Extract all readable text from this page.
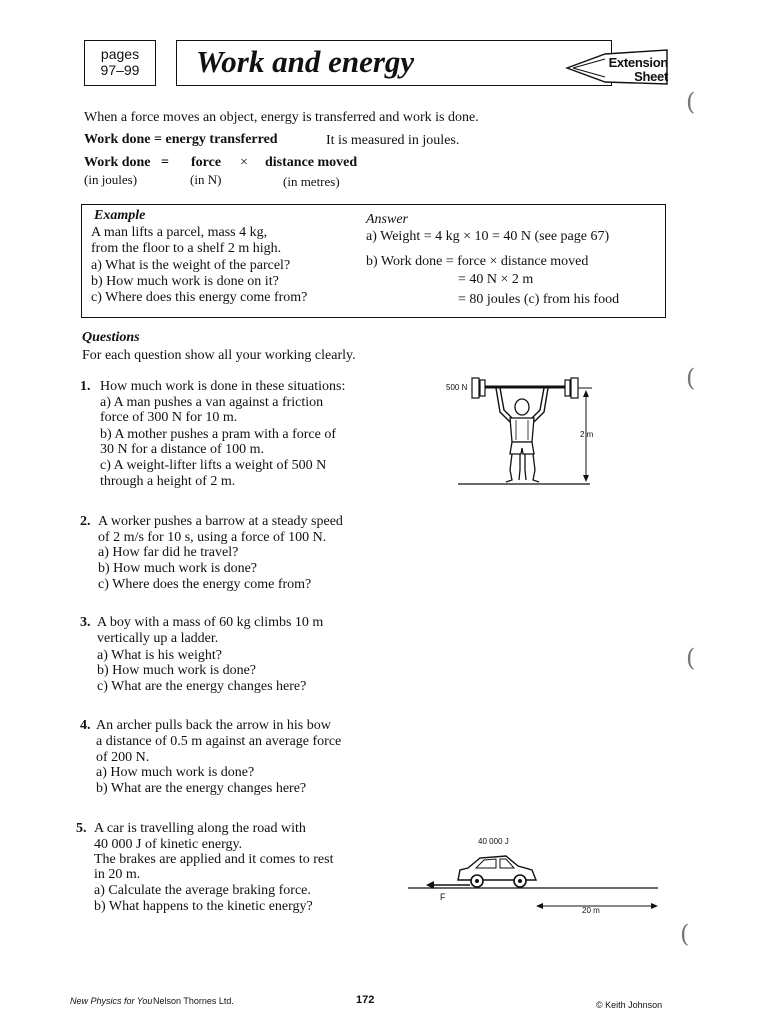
pages
97–99	Work and energy	Extension
Sheet
When a force moves an object, energy is transferred and work is done.
Work done = energy transferred	It is measured in joules.
Work done = force × distance moved
(in joules)	(in N)	(in metres)
Example
A man lifts a parcel, mass 4 kg,
from the floor to a shelf 2 m high.
a) What is the weight of the parcel?
b) How much work is done on it?
c) Where does this energy come from?
Answer
a) Weight = 4 kg × 10 = 40 N (see page 67)
b) Work done = force × distance moved
= 40 N × 2 m
= 80 joules (c) from his food
Questions
For each question show all your working clearly.
1. How much work is done in these situations:
a) A man pushes a van against a friction
force of 300 N for 10 m.
b) A mother pushes a pram with a force of
30 N for a distance of 100 m.
c) A weight-lifter lifts a weight of 500 N
through a height of 2 m.
500 N
2 m
2. A worker pushes a barrow at a steady speed
of 2 m/s for 10 s, using a force of 100 N.
a) How far did he travel?
b) How much work is done?
c) Where does the energy come from?
3. A boy with a mass of 60 kg climbs 10 m
vertically up a ladder.
a) What is his weight?
b) How much work is done?
c) What are the energy changes here?
4. An archer pulls back the arrow in his bow
a distance of 0.5 m against an average force
of 200 N.
a) How much work is done?
b) What are the energy changes here?
5. A car is travelling along the road with
40 000 J of kinetic energy.
The brakes are applied and it comes to rest
in 20 m.
a) Calculate the average braking force.
b) What happens to the kinetic energy?
40 000 J
F
20 m
(
(
(
(
New Physics for You Nelson Thornes Ltd.	172	© Keith Johnson
